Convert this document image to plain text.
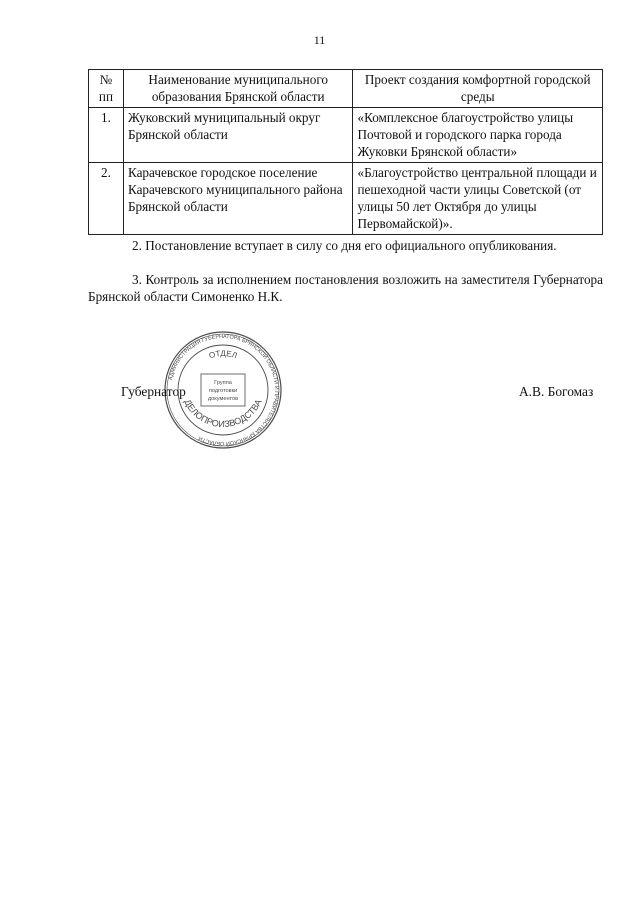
11
№ пп	Наименование муниципального образования Брянской области	Проект создания комфортной городской среды
1.	Жуковский муниципальный округ Брянской области	«Комплексное благоустройство улицы Почтовой и городского парка города Жуковки Брянской области»
2.	Карачевское городское поселение Карачевского муниципального района Брянской области	«Благоустройство центральной площади и пешеходной части улицы Советской (от улицы 50 лет Октября до улицы Первомайской)».
2. Постановление вступает в силу со дня его официального опубликования.
3. Контроль за исполнением постановления возложить на заместителя Губернатора Брянской области Симоненко Н.К.
АДМИНИСТРАЦИЯ ГУБЕРНАТОРА БРЯНСКОЙ ОБЛАСТИ И ПРАВИТЕЛЬСТВА БРЯНСКОЙ ОБЛАСТИ
ОТДЕЛ
ДЕЛОПРОИЗВОДСТВА
Группа
подготовки
документов
Губернатор	А.В. Богомаз
